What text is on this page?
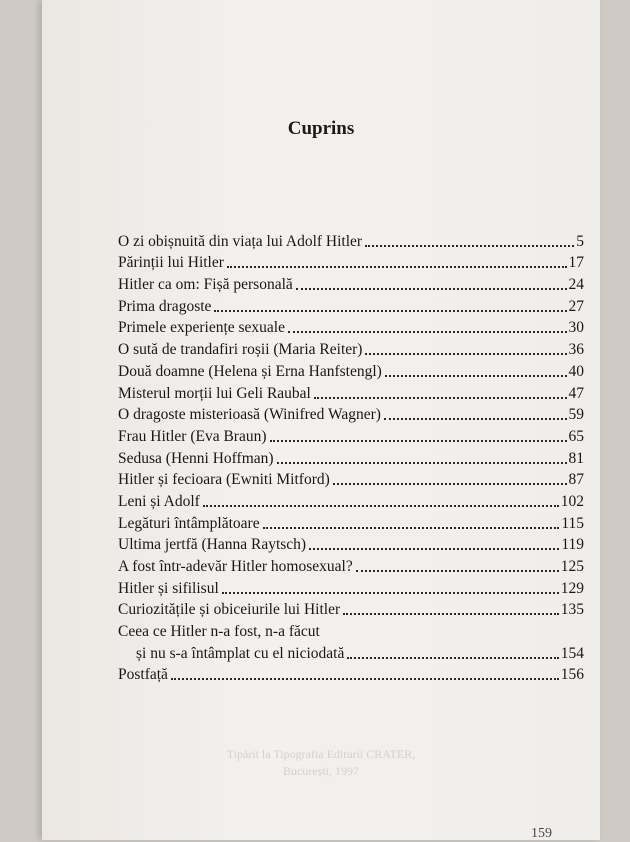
Cuprins
O zi obișnuită din viața lui Adolf Hitler	5
Părinții lui Hitler	17
Hitler ca om: Fișă personală	24
Prima dragoste	27
Primele experiențe sexuale	30
O sută de trandafiri roșii (Maria Reiter)	36
Două doamne (Helena și Erna Hanfstengl)	40
Misterul morții lui Geli Raubal	47
O dragoste misterioasă (Winifred Wagner)	59
Frau Hitler (Eva Braun)	65
Sedusa (Henni Hoffman)	81
Hitler și fecioara (Ewniti Mitford)	87
Leni și Adolf	102
Legături întâmplătoare	115
Ultima jertfă (Hanna Raytsch)	119
A fost într-adevăr Hitler homosexual?	125
Hitler și sifilisul	129
Curiozitățile și obiceiurile lui Hitler	135
Ceea ce Hitler n-a fost, n-a făcut
și nu s-a întâmplat cu el niciodată	154
Postfață	156
Tipărit la Tipografia Editurii CRATER,
București, 1997
159
